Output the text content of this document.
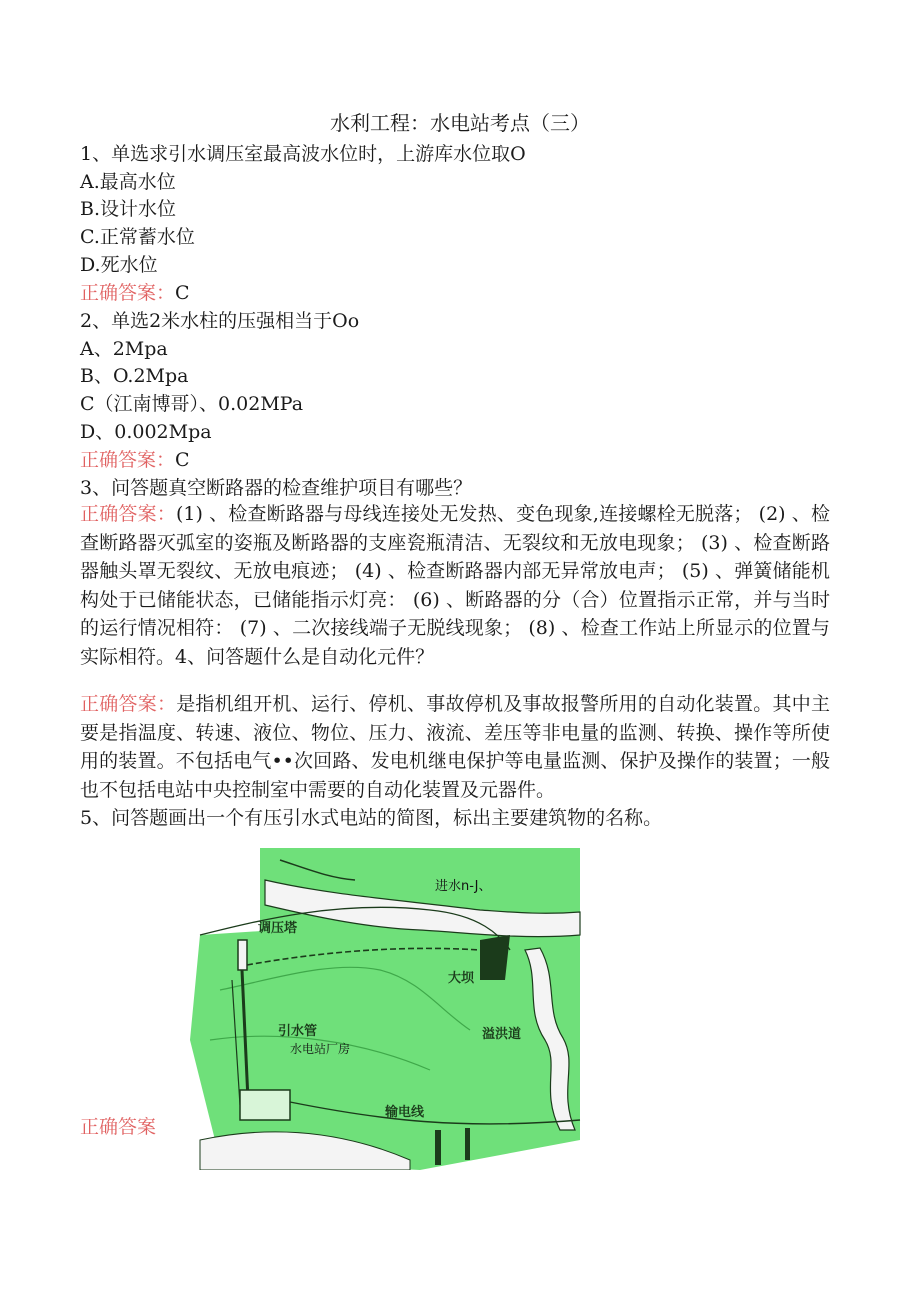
水利工程：水电站考点（三）
1、单选求引水调压室最高波水位时，上游库水位取O
A.最高水位
B.设计水位
C.正常蓄水位
D.死水位
正确答案：C
2、单选2米水柱的压强相当于Oo
A、2Mpa
B、O.2Mpa
C（江南博哥）、0.02MPa
D、0.002Mpa
正确答案：C
3、问答题真空断路器的检查维护项目有哪些？
正确答案：(1) 、检查断路器与母线连接处无发热、变色现象,连接螺栓无脱落； (2) 、检查断路器灭弧室的姿瓶及断路器的支座瓷瓶清洁、无裂纹和无放电现象； (3) 、检查断路器触头罩无裂纹、无放电痕迹； (4) 、检查断路器内部无异常放电声； (5) 、弹簧储能机构处于已储能状态，已储能指示灯亮： (6) 、断路器的分（合）位置指示正常，并与当时的运行情况相符： (7) 、二次接线端子无脱线现象； (8) 、检查工作站上所显示的位置与实际相符。4、问答题什么是自动化元件？
正确答案：是指机组开机、运行、停机、事故停机及事故报警所用的自动化装置。其中主要是指温度、转速、液位、物位、压力、液流、差压等非电量的监测、转换、操作等所使用的装置。不包括电气••次回路、发电机继电保护等电量监测、保护及操作的装置；一般也不包括电站中央控制室中需要的自动化装置及元器件。
5、问答题画出一个有压引水式电站的简图，标出主要建筑物的名称。
正确答案
进水n-J、
调压塔
大坝
引水管	溢洪道
水电站厂房
输电线
